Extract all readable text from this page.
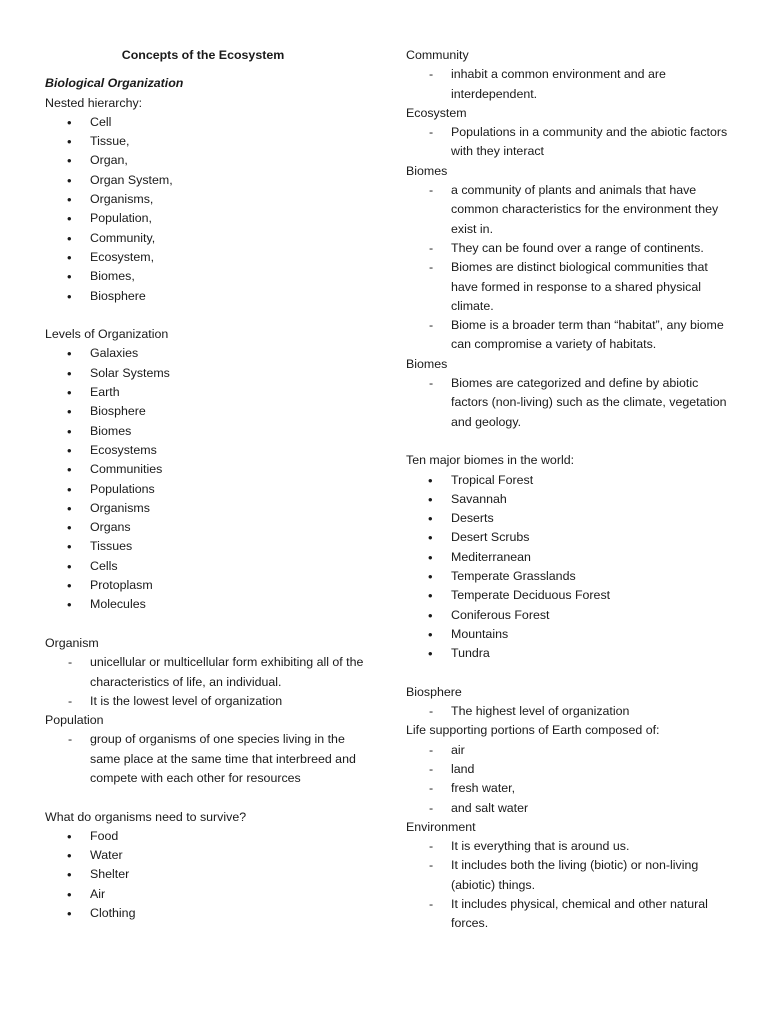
Concepts of the Ecosystem
Biological Organization
Nested hierarchy:
• Cell
• Tissue,
• Organ,
• Organ System,
• Organisms,
• Population,
• Community,
• Ecosystem,
• Biomes,
• Biosphere
Levels of Organization
• Galaxies
• Solar Systems
• Earth
• Biosphere
• Biomes
• Ecosystems
• Communities
• Populations
• Organisms
• Organs
• Tissues
• Cells
• Protoplasm
• Molecules
Organism
- unicellular or multicellular form exhibiting all of the characteristics of life, an individual.
- It is the lowest level of organization
Population
- group of organisms of one species living in the same place at the same time that interbreed and compete with each other for resources
What do organisms need to survive?
• Food
• Water
• Shelter
• Air
• Clothing
Community
- inhabit a common environment and are interdependent.
Ecosystem
- Populations in a community and the abiotic factors with they interact
Biomes
- a community of plants and animals that have common characteristics for the environment they exist in.
- They can be found over a range of continents.
- Biomes are distinct biological communities that have formed in response to a shared physical climate.
- Biome is a broader term than “habitat”, any biome can compromise a variety of habitats.
Biomes
- Biomes are categorized and define by abiotic factors (non-living) such as the climate, vegetation and geology.
Ten major biomes in the world:
• Tropical Forest
• Savannah
• Deserts
• Desert Scrubs
• Mediterranean
• Temperate Grasslands
• Temperate Deciduous Forest
• Coniferous Forest
• Mountains
• Tundra
Biosphere
- The highest level of organization
Life supporting portions of Earth composed of:
- air
- land
- fresh water,
- and salt water
Environment
- It is everything that is around us.
- It includes both the living (biotic) or non-living (abiotic) things.
- It includes physical, chemical and other natural forces.
